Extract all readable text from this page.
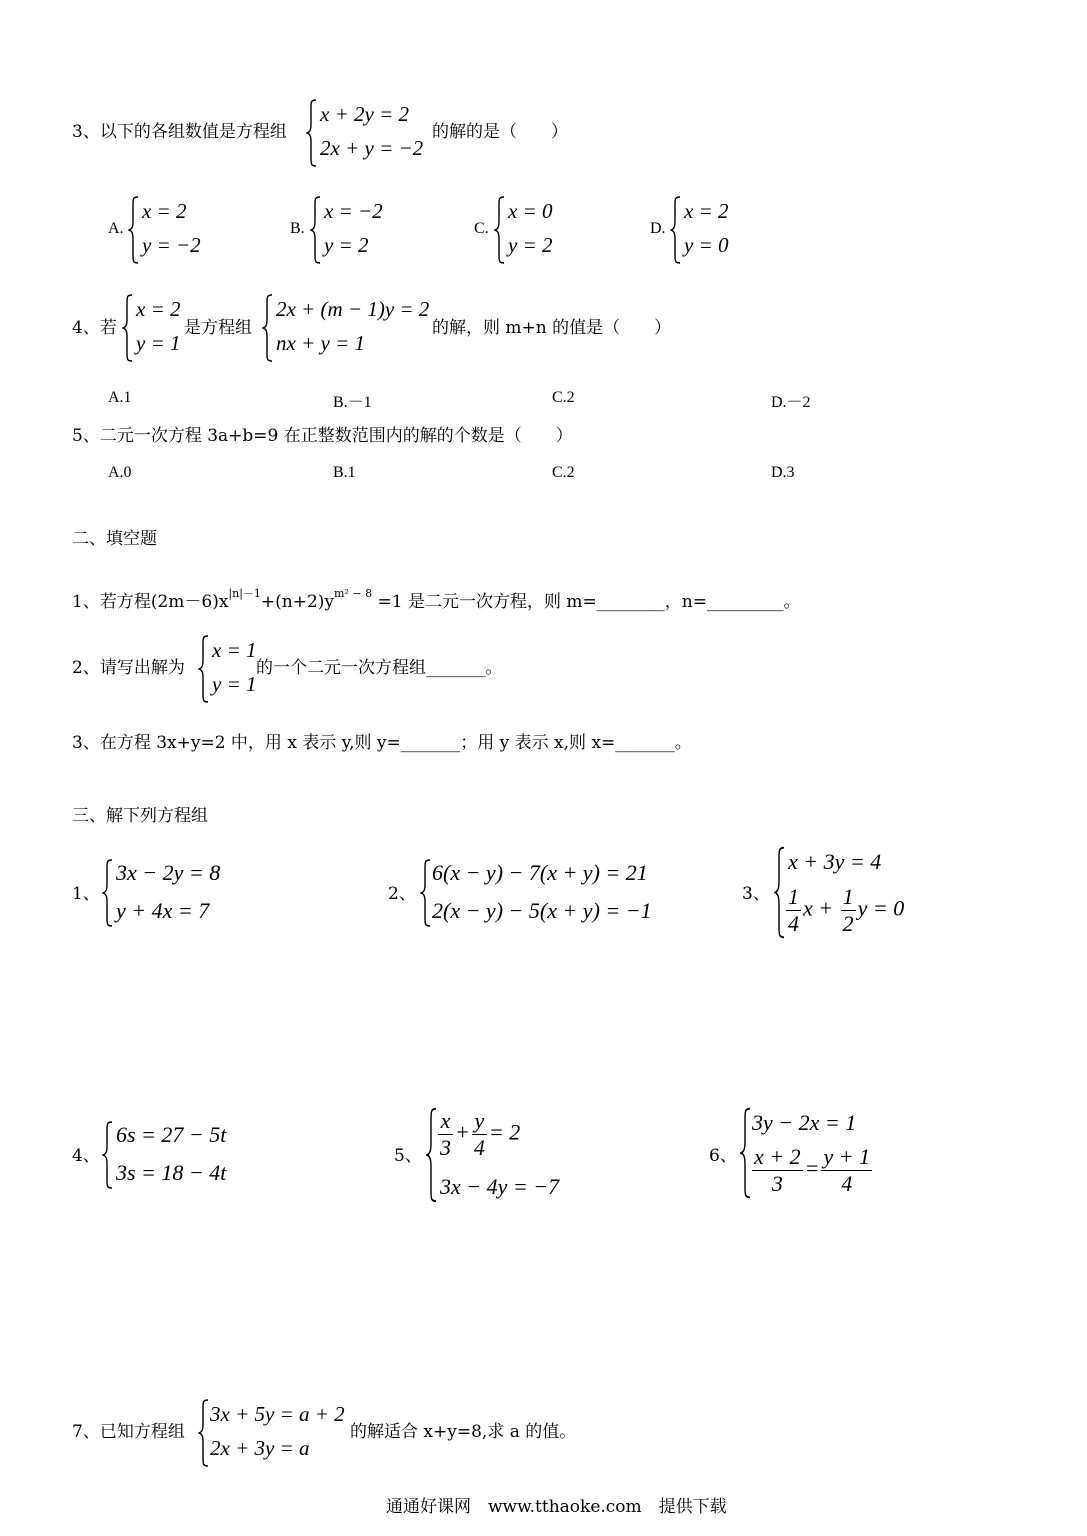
3、以下的各组数值是方程组
x + 2y = 2
2x + y = −2
的解的是（　　）
A.
x = 2
y = −2
B.
x = −2
y = 2
C.
x = 0
y = 2
D.
x = 2
y = 0
4、若
x = 2
y = 1
是方程组
2x + (m − 1)y = 2
nx + y = 1
的解，则 m+n 的值是（　　）
A.1	B.－1	C.2	D.－2
5、二元一次方程 3a+b=9 在正整数范围内的解的个数是（　　）
A.0	B.1	C.2	D.3
二、填空题
1、若方程$(2m-6)x^{|n|-1}+(n+2)y^{m^2 - 8} =1$ 是二元一次方程，则 m=________，n=_________。
2、请写出解为
x = 1
y = 1
的一个二元一次方程组_______。
3、在方程 3x+y=2 中，用 x 表示 y,则 y=_______；用 y 表示 x,则 x=_______。
三、解下列方程组
1、
3x − 2y = 8
y + 4x = 7
2、
6(x − y) − 7(x + y) = 21
2(x − y) − 5(x + y) = −1
3、
x + 3y = 4
$\frac{1}{4}$ $x + \frac{1}{2}$ y = 0
4、
6s = 27 − 5t
3s = 18 − 4t
5、 $\frac{x}{3} + \frac{y}{4} = 2$
3x − 4y = −7
6、
3y − 2x = 1
$\frac{x + 2}{3} = \frac{y + 1}{4}$
7、已知方程组
3x + 5y = a + 2
2x + 3y = a
的解适合 x+y=8,求 a 的值。
通通好课网　www.tthaoke.com　提供下载
